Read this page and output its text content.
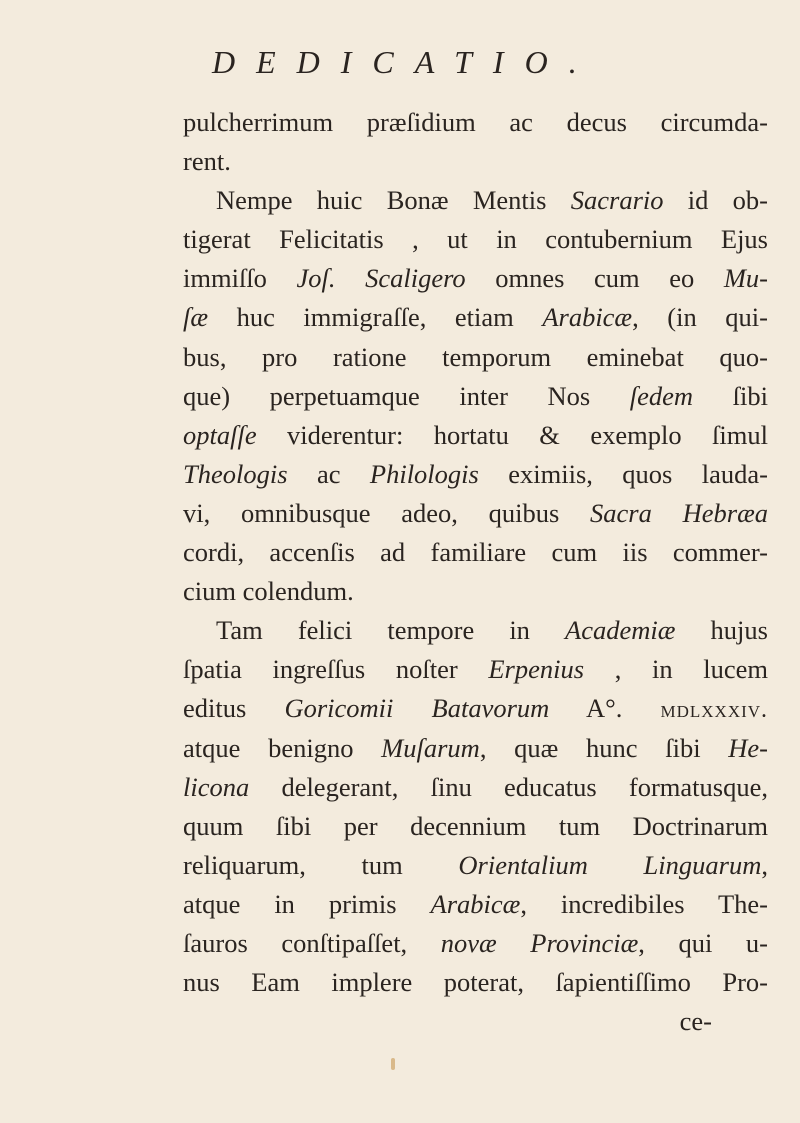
DEDICATIO.
pulcherrimum præſidium ac decus circumda-
rent.
Nempe huic Bonæ Mentis Sacrario id ob-
tigerat Felicitatis , ut in contubernium Ejus
immiſſo Joſ. Scaligero omnes cum eo Mu-
ſæ huc immigraſſe, etiam Arabicæ, (in qui-
bus, pro ratione temporum eminebat quo-
que) perpetuamque inter Nos ſedem ſibi
optaſſe viderentur: hortatu & exemplo ſimul
Theologis ac Philologis eximiis, quos lauda-
vi, omnibusque adeo, quibus Sacra Hebræa
cordi, accenſis ad familiare cum iis commer-
cium colendum.
Tam felici tempore in Academiæ hujus
ſpatia ingreſſus noſter Erpenius , in lucem
editus Goricomii Batavorum A°. mdlxxxiv.
atque benigno Muſarum, quæ hunc ſibi He-
licona delegerant, ſinu educatus formatusque,
quum ſibi per decennium tum Doctrinarum
reliquarum, tum Orientalium Linguarum,
atque in primis Arabicæ, incredibiles The-
ſauros conſtipaſſet, novæ Provinciæ, qui u-
nus Eam implere poterat, ſapientiſſimo Pro-
ce-
